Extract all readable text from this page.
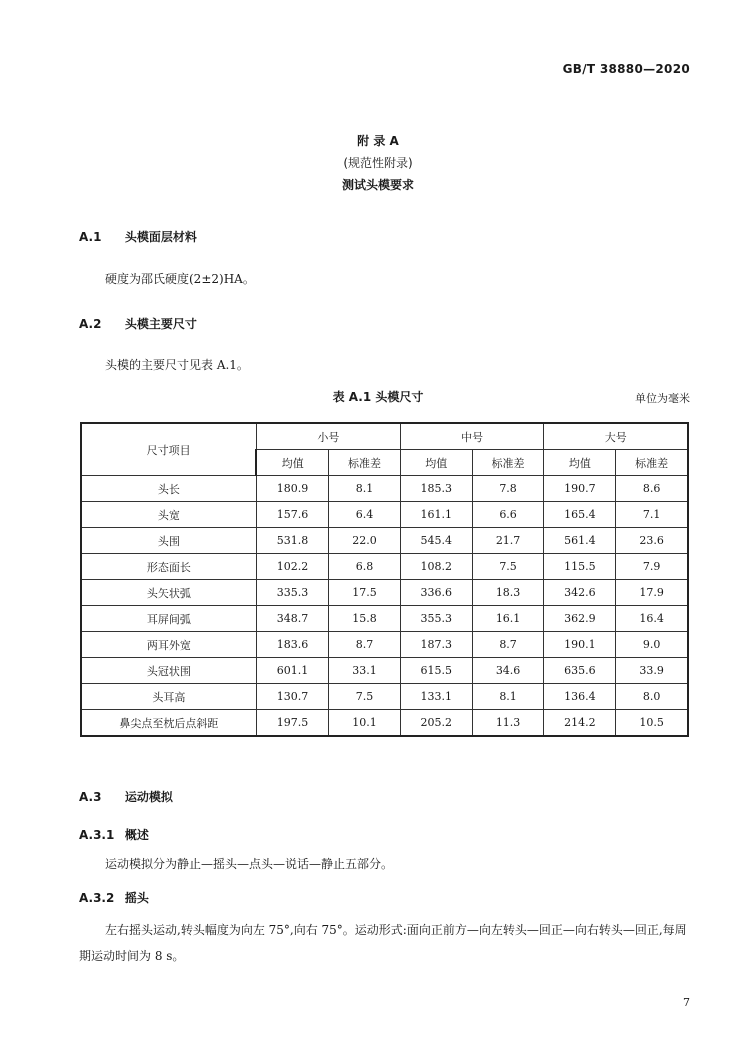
GB/T 38880—2020
附 录 A
(规范性附录)
测试头模要求
A.1 头模面层材料
硬度为邵氏硬度(2±2)HA。
A.2 头模主要尺寸
头模的主要尺寸见表 A.1。
表 A.1 头模尺寸	单位为毫米
尺寸项目	小号		中号		大号	
	均值	标准差	均值	标准差	均值	标准差
头长	180.9	8.1	185.3	7.8	190.7	8.6
头宽	157.6	6.4	161.1	6.6	165.4	7.1
头围	531.8	22.0	545.4	21.7	561.4	23.6
形态面长	102.2	6.8	108.2	7.5	115.5	7.9
头矢状弧	335.3	17.5	336.6	18.3	342.6	17.9
耳屏间弧	348.7	15.8	355.3	16.1	362.9	16.4
两耳外宽	183.6	8.7	187.3	8.7	190.1	9.0
头冠状围	601.1	33.1	615.5	34.6	635.6	33.9
头耳高	130.7	7.5	133.1	8.1	136.4	8.0
鼻尖点至枕后点斜距	197.5	10.1	205.2	11.3	214.2	10.5
A.3 运动模拟
A.3.1 概述
运动模拟分为静止—摇头—点头—说话—静止五部分。
A.3.2 摇头
左右摇头运动,转头幅度为向左 75°,向右 75°。运动形式:面向正前方—向左转头—回正—向右转头—回正,每周期运动时间为 8 s。
7
